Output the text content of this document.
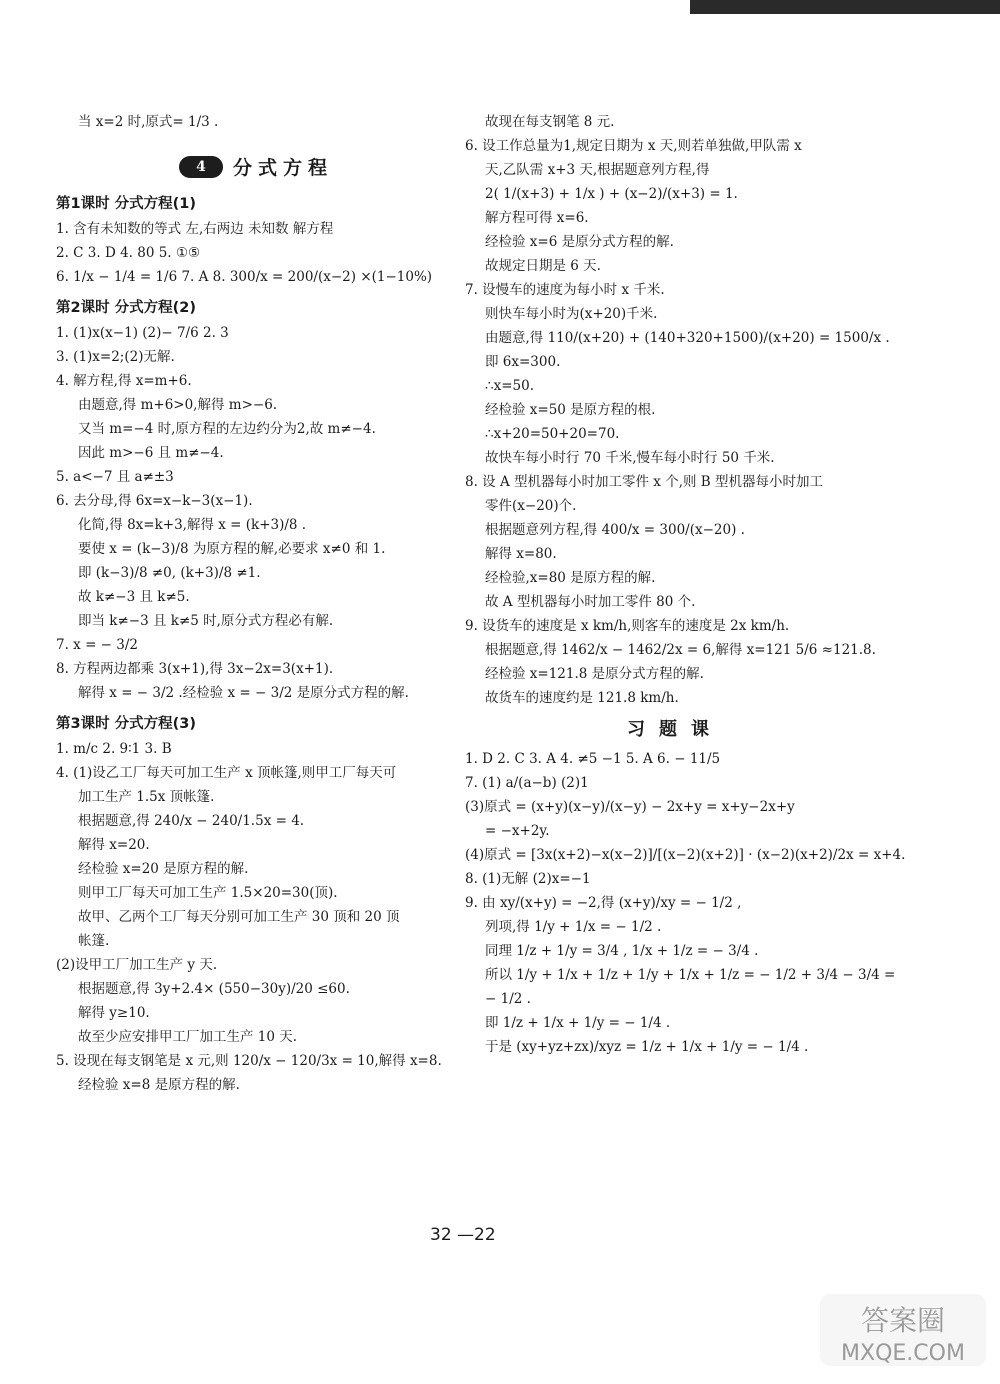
当 x=2 时,原式= 1/3 .
4	分式方程
第1课时 分式方程(1)
1. 含有未知数的等式 左,右两边 未知数 解方程
2. C 3. D 4. 80 5. ①⑤
6. 1/x − 1/4 = 1/6 7. A 8. 300/x = 200/(x−2) ×(1−10%)
第2课时 分式方程(2)
1. (1)x(x−1) (2)− 7/6 2. 3
3. (1)x=2;(2)无解.
4. 解方程,得 x=m+6.
由题意,得 m+6>0,解得 m>−6.
又当 m=−4 时,原方程的左边约分为2,故 m≠−4.
因此 m>−6 且 m≠−4.
5. a<−7 且 a≠±3
6. 去分母,得 6x=x−k−3(x−1).
化简,得 8x=k+3,解得 x = (k+3)/8 .
要使 x = (k−3)/8 为原方程的解,必要求 x≠0 和 1.
即 (k−3)/8 ≠0, (k+3)/8 ≠1.
故 k≠−3 且 k≠5.
即当 k≠−3 且 k≠5 时,原分式方程必有解.
7. x = − 3/2
8. 方程两边都乘 3(x+1),得 3x−2x=3(x+1).
解得 x = − 3/2 .经检验 x = − 3/2 是原分式方程的解.
第3课时 分式方程(3)
1. m/c 2. 9∶1 3. B
4. (1)设乙工厂每天可加工生产 x 顶帐篷,则甲工厂每天可
加工生产 1.5x 顶帐篷.
根据题意,得 240/x − 240/1.5x = 4.
解得 x=20.
经检验 x=20 是原方程的解.
则甲工厂每天可加工生产 1.5×20=30(顶).
故甲、乙两个工厂每天分别可加工生产 30 顶和 20 顶
帐篷.
(2)设甲工厂加工生产 y 天.
根据题意,得 3y+2.4× (550−30y)/20 ≤60.
解得 y≥10.
故至少应安排甲工厂加工生产 10 天.
5. 设现在每支钢笔是 x 元,则 120/x − 120/3x = 10,解得 x=8.
经检验 x=8 是原方程的解.
故现在每支钢笔 8 元.
6. 设工作总量为1,规定日期为 x 天,则若单独做,甲队需 x
天,乙队需 x+3 天,根据题意列方程,得
2( 1/(x+3) + 1/x ) + (x−2)/(x+3) = 1.
解方程可得 x=6.
经检验 x=6 是原分式方程的解.
故规定日期是 6 天.
7. 设慢车的速度为每小时 x 千米.
则快车每小时为(x+20)千米.
由题意,得 110/(x+20) + (140+320+1500)/(x+20) = 1500/x .
即 6x=300.
∴x=50.
经检验 x=50 是原方程的根.
∴x+20=50+20=70.
故快车每小时行 70 千米,慢车每小时行 50 千米.
8. 设 A 型机器每小时加工零件 x 个,则 B 型机器每小时加工
零件(x−20)个.
根据题意列方程,得 400/x = 300/(x−20) .
解得 x=80.
经检验,x=80 是原方程的解.
故 A 型机器每小时加工零件 80 个.
9. 设货车的速度是 x km/h,则客车的速度是 2x km/h.
根据题意,得 1462/x − 1462/2x = 6,解得 x=121 5/6 ≈121.8.
经检验 x=121.8 是原分式方程的解.
故货车的速度约是 121.8 km/h.
习题课
1. D 2. C 3. A 4. ≠5 −1 5. A 6. − 11/5
7. (1) a/(a−b) (2)1
(3)原式 = (x+y)(x−y)/(x−y) − 2x+y = x+y−2x+y
= −x+2y.
(4)原式 = [3x(x+2)−x(x−2)]/[(x−2)(x+2)] · (x−2)(x+2)/2x = x+4.
8. (1)无解 (2)x=−1
9. 由 xy/(x+y) = −2,得 (x+y)/xy = − 1/2 ,
列项,得 1/y + 1/x = − 1/2 .
同理 1/z + 1/y = 3/4 , 1/x + 1/z = − 3/4 .
所以 1/y + 1/x + 1/z + 1/y + 1/x + 1/z = − 1/2 + 3/4 − 3/4 =
− 1/2 .
即 1/z + 1/x + 1/y = − 1/4 .
于是 (xy+yz+zx)/xyz = 1/z + 1/x + 1/y = − 1/4 .
32 —22
答案圈
MXQE.COM
